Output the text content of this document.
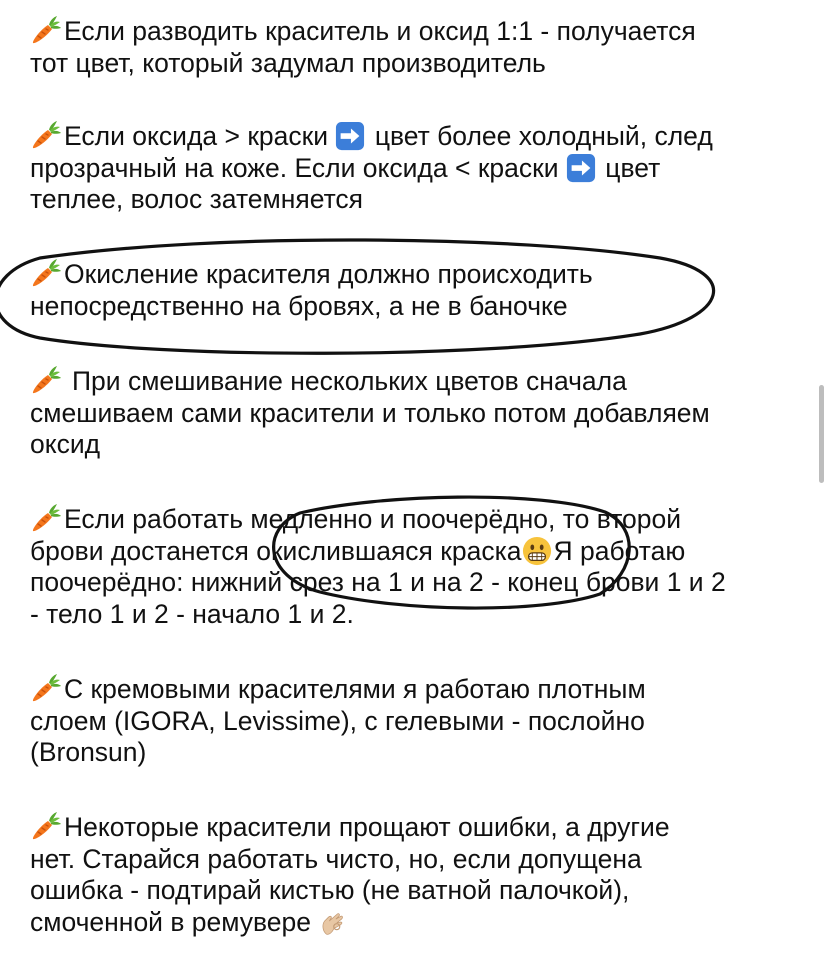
Если разводить краситель и оксид 1:1 - получается
тот цвет, который задумал производитель
Если оксида > краски цвет более холодный, след
прозрачный на коже. Если оксида < краски цвет
теплее, волос затемняется
Окисление красителя должно происходить
непосредственно на бровях, а не в баночке
При смешивание нескольких цветов сначала
смешиваем сами красители и только потом добавляем
оксид
Если работать медленно и поочерёдно, то второй
брови достанется окислившаяся краска Я работаю
поочерёдно: нижний срез на 1 и на 2 - конец брови 1 и 2
- тело 1 и 2 - начало 1 и 2.
С кремовыми красителями я работаю плотным
слоем (IGORA, Levissime), с гелевыми - послойно
(Bronsun)
Некоторые красители прощают ошибки, а другие
нет. Старайся работать чисто, но, если допущена
ошибка - подтирай кистью (не ватной палочкой),
смоченной в ремувере
